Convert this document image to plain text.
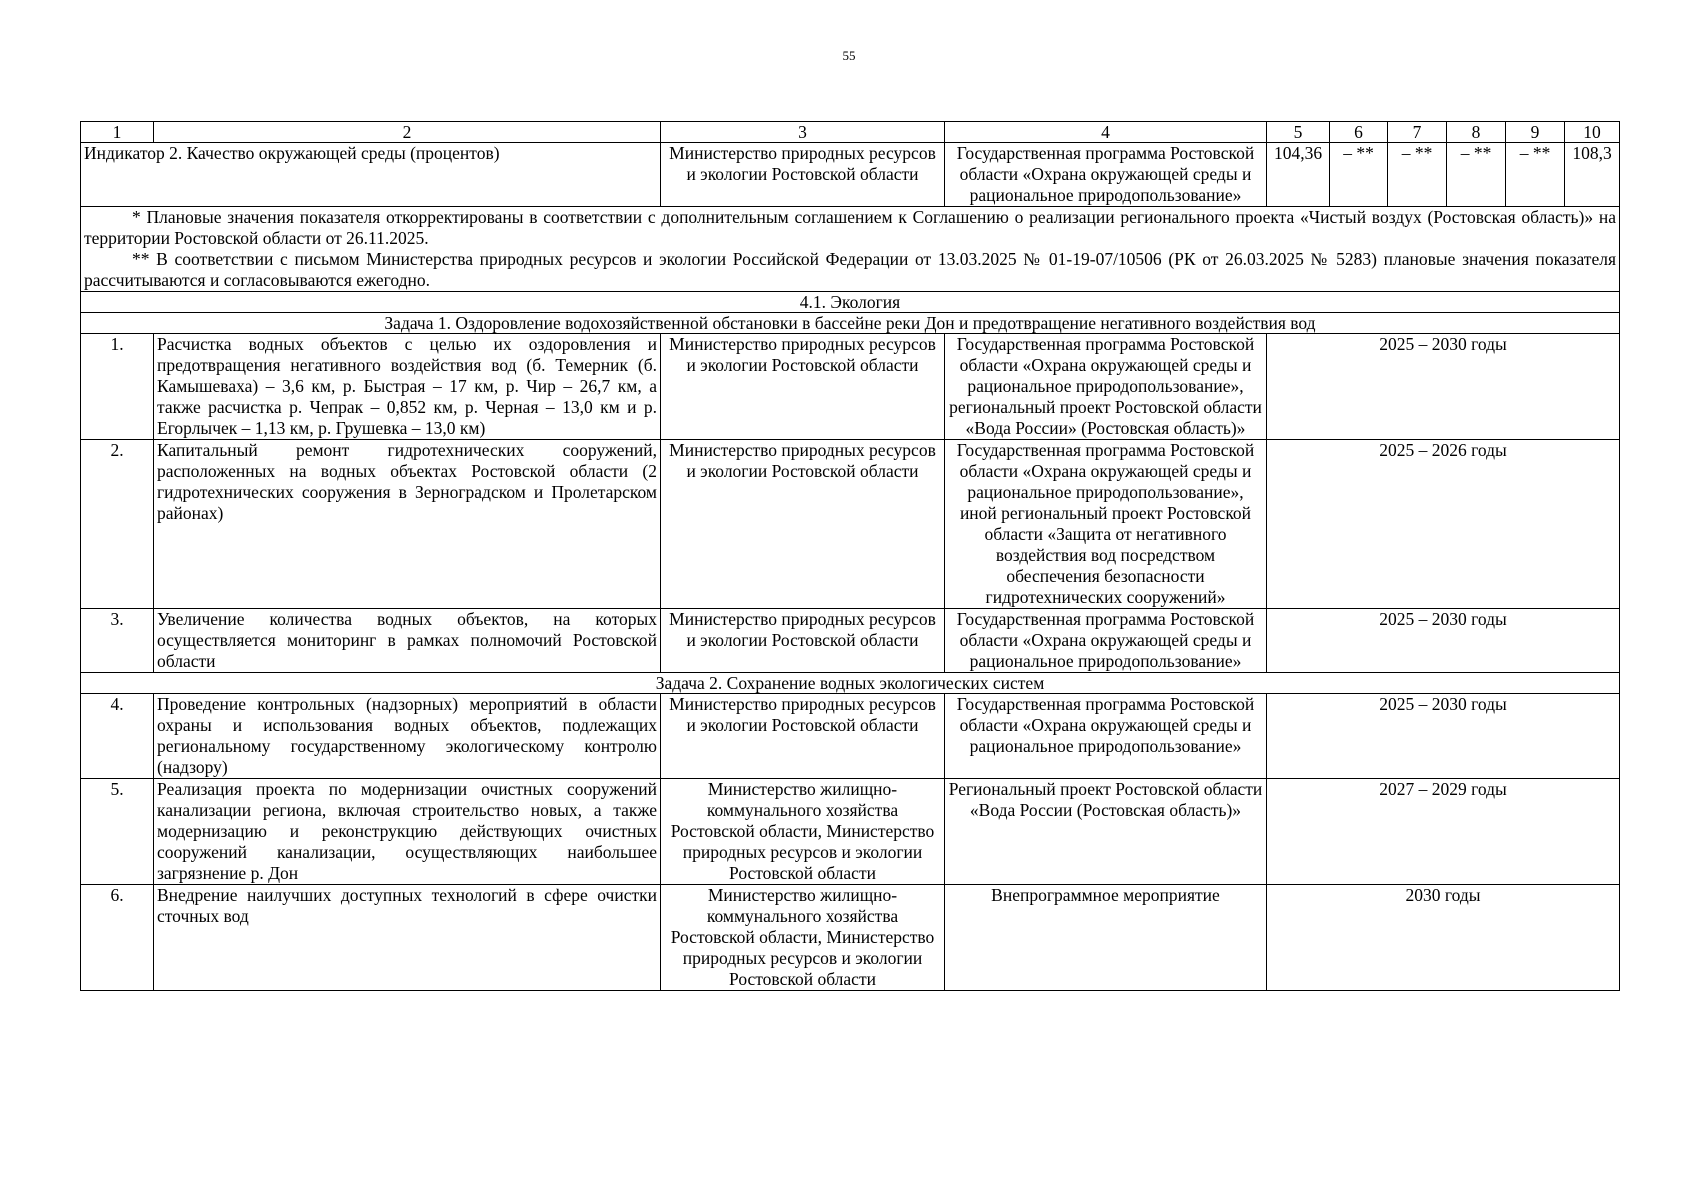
55
1	2	3	4	5	6	7	8	9	10
Индикатор 2. Качество окружающей среды (процентов)		Министерство природных ресурсов и экологии Ростовской области	Государственная программа Ростовской области «Охрана окружающей среды и рациональное природопользование»	104,36	– **	– **	– **	– **	108,3

* Плановые значения показателя откорректированы в соответствии с дополнительным соглашением к Соглашению о реализации регионального проекта «Чистый воздух (Ростовская область)» на территории Ростовской области от 26.11.2025.

** В соответствии с письмом Министерства природных ресурсов и экологии Российской Федерации от 13.03.2025 № 01-19-07/10506 (РК от 26.03.2025 № 5283) плановые значения показателя рассчитываются и согласовываются ежегодно.									

4.1. Экология									
Задача 1. Оздоровление водохозяйственной обстановки в бассейне реки Дон и предотвращение негативного воздействия вод									
1.	Расчистка водных объектов с целью их оздоровления и предотвращения негативного воздействия вод (б. Темерник (б. Камышеваха) – 3,6 км, р. Быстрая – 17 км, р. Чир – 26,7 км, а также расчистка р. Чепрак – 0,852 км, р. Черная – 13,0 км и р. Егорлычек – 1,13 км, р. Грушевка – 13,0 км)	Министерство природных ресурсов и экологии Ростовской области	Государственная программа Ростовской области «Охрана окружающей среды и рациональное природопользование», региональный проект Ростовской области «Вода России» (Ростовская область)»	2025 – 2030 годы					
2.	Капитальный ремонт гидротехнических сооружений, расположенных на водных объектах Ростовской области (2 гидротехнических сооружения в Зерноградском и Пролетарском районах)	Министерство природных ресурсов и экологии Ростовской области	Государственная программа Ростовской области «Охрана окружающей среды и рациональное природопользование», иной региональный проект Ростовской области «Защита от негативного воздействия вод посредством обеспечения безопасности гидротехнических сооружений»	2025 – 2026 годы					
3.	Увеличение количества водных объектов, на которых осуществляется мониторинг в рамках полномочий Ростовской области	Министерство природных ресурсов и экологии Ростовской области	Государственная программа Ростовской области «Охрана окружающей среды и рациональное природопользование»	2025 – 2030 годы					
Задача 2. Сохранение водных экологических систем									
4.	Проведение контрольных (надзорных) мероприятий в области охраны и использования водных объектов, подлежащих региональному государственному экологическому контролю (надзору)	Министерство природных ресурсов и экологии Ростовской области	Государственная программа Ростовской области «Охрана окружающей среды и рациональное природопользование»	2025 – 2030 годы					
5.	Реализация проекта по модернизации очистных сооружений канализации региона, включая строительство новых, а также модернизацию и реконструкцию действующих очистных сооружений канализации, осуществляющих наибольшее загрязнение р. Дон	Министерство жилищно-коммунального хозяйства Ростовской области, Министерство природных ресурсов и экологии Ростовской области	Региональный проект Ростовской области «Вода России (Ростовская область)»	2027 – 2029 годы					
6.	Внедрение наилучших доступных технологий в сфере очистки сточных вод	Министерство жилищно-коммунального хозяйства Ростовской области, Министерство природных ресурсов и экологии Ростовской области	Внепрограммное мероприятие	2030 годы					
